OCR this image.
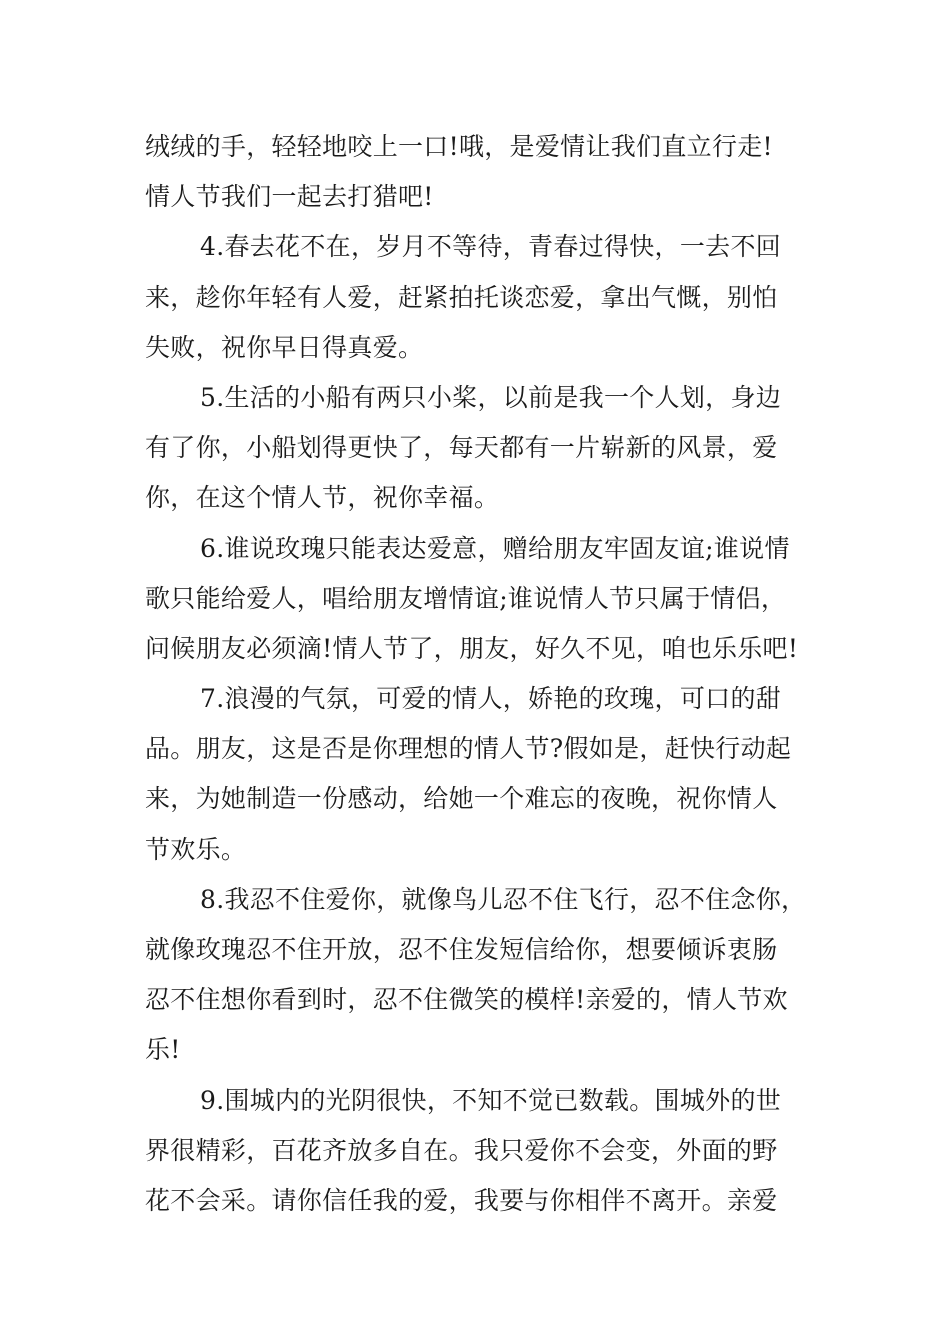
绒绒的手，轻轻地咬上一口!哦，是爱情让我们直立行走!
情人节我们一起去打猎吧!
4.春去花不在，岁月不等待，青春过得快，一去不回
来，趁你年轻有人爱，赶紧拍托谈恋爱，拿出气慨，别怕
失败，祝你早日得真爱。
5.生活的小船有两只小桨，以前是我一个人划，身边
有了你，小船划得更快了，每天都有一片崭新的风景，爱
你，在这个情人节，祝你幸福。
6.谁说玫瑰只能表达爱意，赠给朋友牢固友谊;谁说情
歌只能给爱人，唱给朋友增情谊;谁说情人节只属于情侣，
问候朋友必须滴!情人节了，朋友，好久不见，咱也乐乐吧!
7.浪漫的气氛，可爱的情人，娇艳的玫瑰，可口的甜
品。朋友，这是否是你理想的情人节?假如是，赶快行动起
来，为她制造一份感动，给她一个难忘的夜晚，祝你情人
节欢乐。
8.我忍不住爱你，就像鸟儿忍不住飞行，忍不住念你，
就像玫瑰忍不住开放，忍不住发短信给你，想要倾诉衷肠
忍不住想你看到时，忍不住微笑的模样!亲爱的，情人节欢
乐!
9.围城内的光阴很快，不知不觉已数载。围城外的世
界很精彩，百花齐放多自在。我只爱你不会变，外面的野
花不会采。请你信任我的爱，我要与你相伴不离开。亲爱
